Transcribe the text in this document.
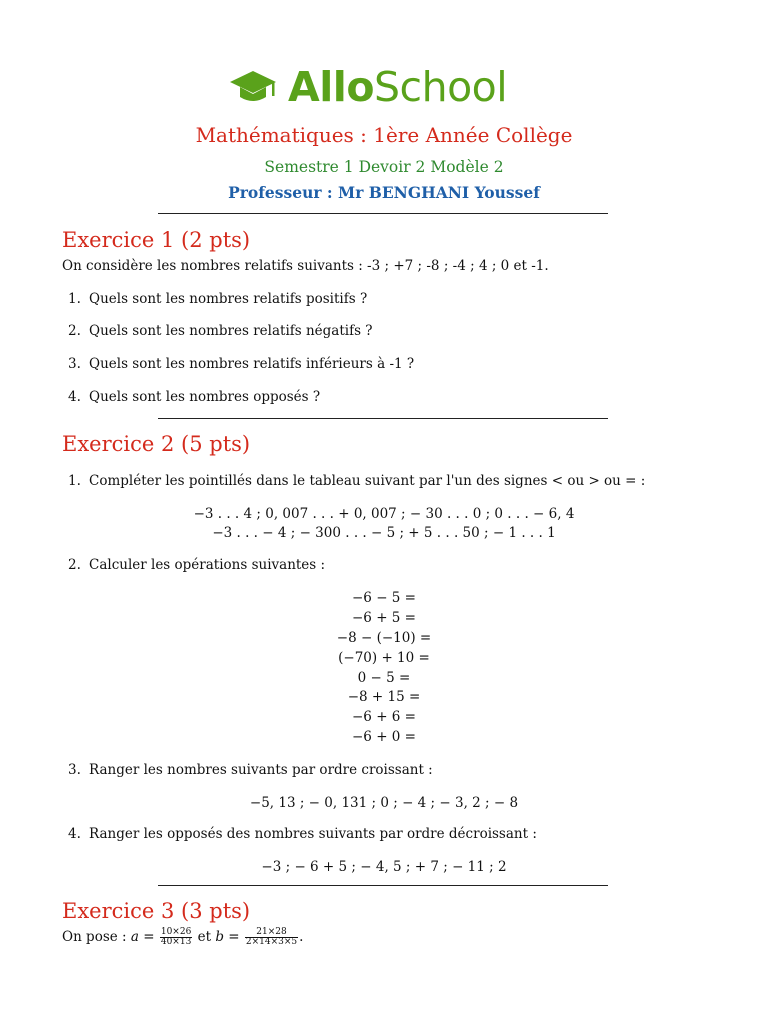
AlloSchool
Mathématiques : 1ère Année Collège
Semestre 1 Devoir 2 Modèle 2
Professeur : Mr BENGHANI Youssef
Exercice 1 (2 pts)
On considère les nombres relatifs suivants : -3 ; +7 ; -8 ; -4 ; 4 ; 0 et -1.
1. Quels sont les nombres relatifs positifs ?
2. Quels sont les nombres relatifs négatifs ?
3. Quels sont les nombres relatifs inférieurs à -1 ?
4. Quels sont les nombres opposés ?
Exercice 2 (5 pts)
1. Compléter les pointillés dans le tableau suivant par l'un des signes < ou > ou = :
−3 . . . 4 ; 0, 007 . . . + 0, 007 ; − 30 . . . 0 ; 0 . . . − 6, 4
−3 . . . − 4 ; − 300 . . . − 5 ; + 5 . . . 50 ; − 1 . . . 1
2. Calculer les opérations suivantes :
−6 − 5 =
−6 + 5 =
−8 − (−10) =
(−70) + 10 =
0 − 5 =
−8 + 15 =
−6 + 6 =
−6 + 0 =
3. Ranger les nombres suivants par ordre croissant :
−5, 13 ; − 0, 131 ; 0 ; − 4 ; − 3, 2 ; − 8
4. Ranger les opposés des nombres suivants par ordre décroissant :
−3 ; − 6 + 5 ; − 4, 5 ; + 7 ; − 11 ; 2
Exercice 3 (3 pts)
On pose : $a = \frac{10\times 26}{40\times 13}$ et $b = \frac{21\times 28}{2\times 14\times 3\times 5}$ .
